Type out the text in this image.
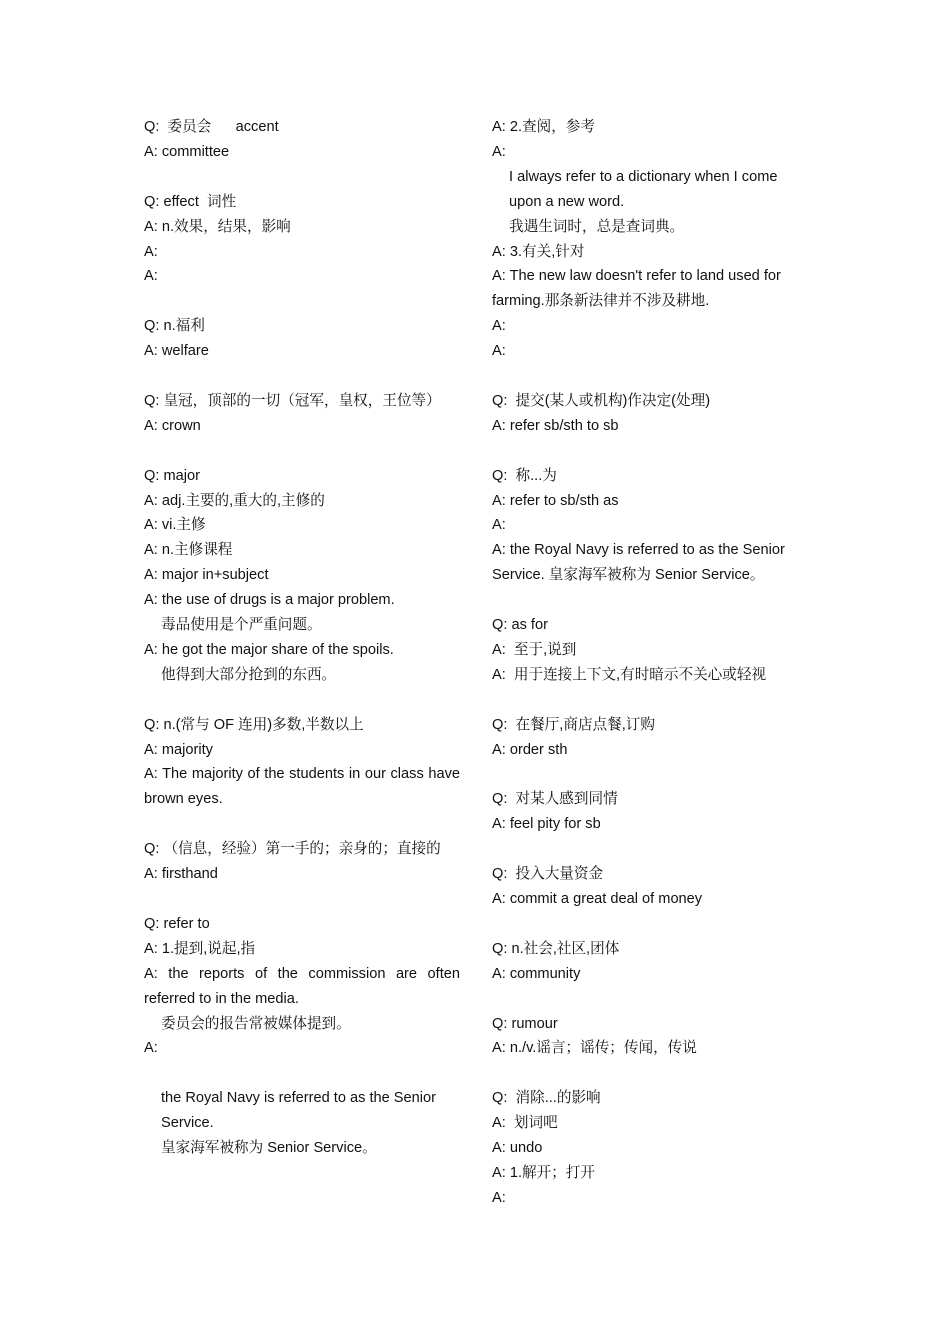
Q:  委员会      accent
A: committee
Q: effect  词性
A: n.效果，结果，影响
A:
A:
Q: n.福利
A: welfare
Q: 皇冠，顶部的一切（冠军，皇权，王位等）
A: crown
Q: major
A: adj.主要的,重大的,主修的
A: vi.主修
A: n.主修课程
A: major in+subject
A: the use of drugs is a major problem.
毒品使用是个严重问题。
A: he got the major share of the spoils.
他得到大部分抢到的东西。
Q: n.(常与 OF 连用)多数,半数以上
A: majority
A: The majority of the students in our class have brown eyes.
Q: （信息，经验）第一手的；亲身的；直接的
A: firsthand
Q: refer to
A: 1.提到,说起,指
A: the reports of the commission are often referred to in the media.
委员会的报告常被媒体提到。
A:
the Royal Navy is referred to as the Senior Service.
皇家海军被称为 Senior Service。
A: 2.查阅，参考
A:
I always refer to a dictionary when I come upon a new word.
我遇生词时，总是查词典。
A: 3.有关,针对
A: The new law doesn't refer to land used for farming.那条新法律并不涉及耕地.
A:
A:
Q:  提交(某人或机构)作决定(处理)
A: refer sb/sth to sb
Q:  称...为
A: refer to sb/sth as
A:
A: the Royal Navy is referred to as the Senior Service. 皇家海军被称为 Senior Service。
Q: as for
A:  至于,说到
A:  用于连接上下文,有时暗示不关心或轻视
Q:  在餐厅,商店点餐,订购
A: order sth
Q:  对某人感到同情
A: feel pity for sb
Q:  投入大量资金
A: commit a great deal of money
Q: n.社会,社区,团体
A: community
Q: rumour
A: n./v.谣言；谣传；传闻，传说
Q:  消除...的影响
A:  划词吧
A: undo
A: 1.解开；打开
A:
